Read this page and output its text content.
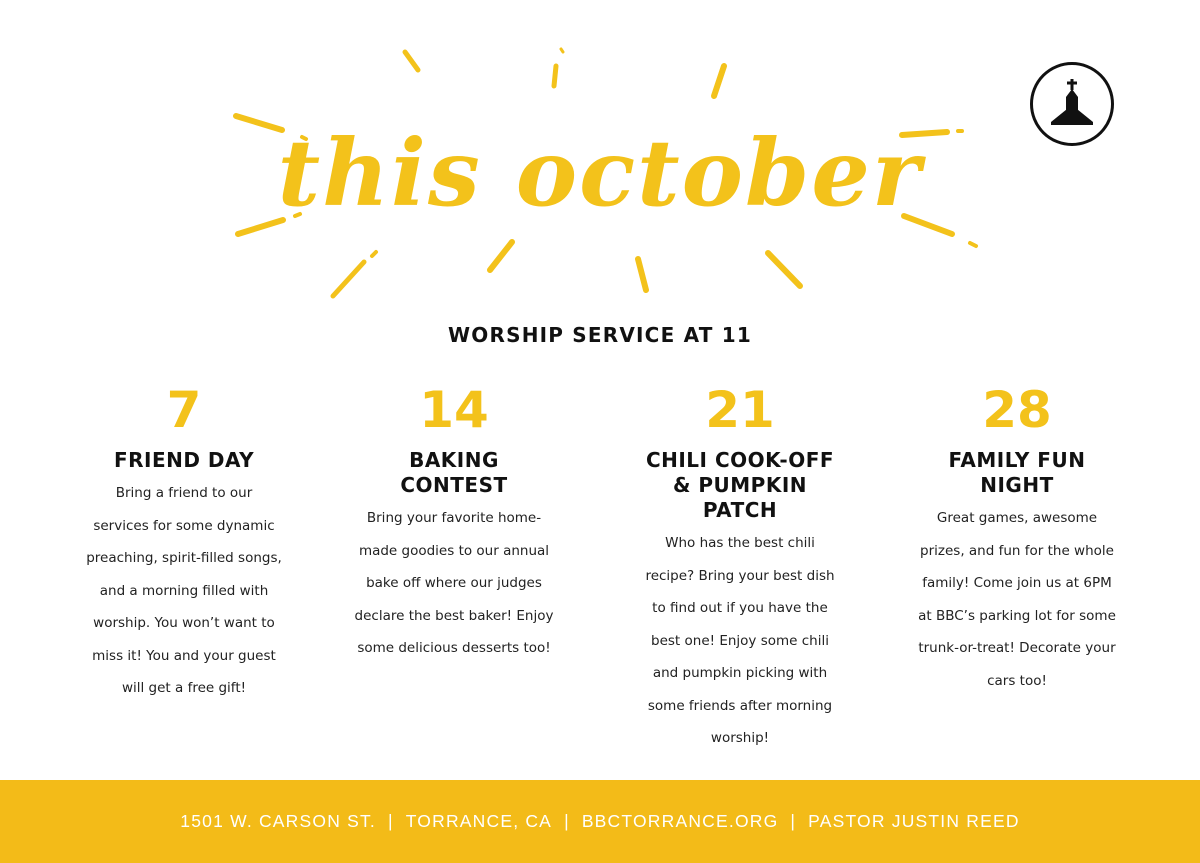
this october
WORSHIP SERVICE AT 11
7
FRIEND DAY
Bring a friend to our services for some dynamic preaching, spirit-filled songs, and a morning filled with worship. You won’t want to miss it! You and your guest will get a free gift!
14
BAKING CONTEST
Bring your favorite home-made goodies to our annual bake off where our judges declare the best baker! Enjoy some delicious desserts too!
21
CHILI COOK-OFF & PUMPKIN PATCH
Who has the best chili recipe? Bring your best dish to find out if you have the best one! Enjoy some chili and pumpkin picking with some friends after morning worship!
28
FAMILY FUN NIGHT
Great games, awesome prizes, and fun for the whole family! Come join us at 6PM at BBC’s parking lot for some trunk-or-treat! Decorate your cars too!
1501 W. CARSON ST. | TORRANCE, CA | BBCTORRANCE.ORG | PASTOR JUSTIN REED
